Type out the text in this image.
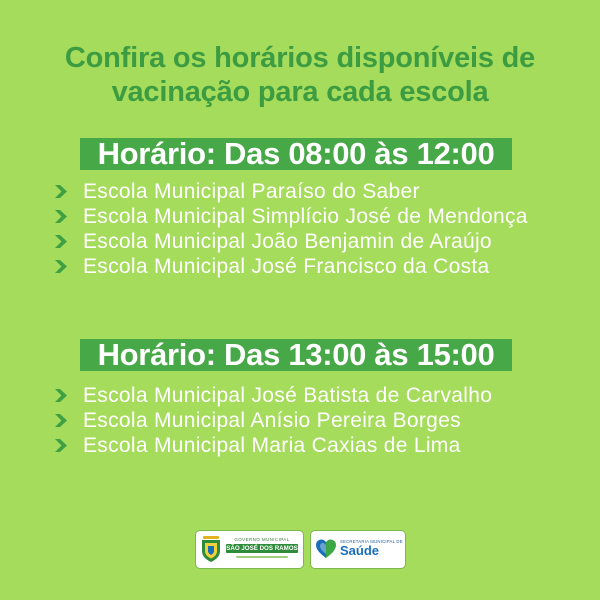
Confira os horários disponíveis de
vacinação para cada escola
Horário: Das 08:00 às 12:00
Escola Municipal Paraíso do Saber
Escola Municipal Simplício José de Mendonça
Escola Municipal João Benjamin de Araújo
Escola Municipal José Francisco da Costa
Horário: Das 13:00 às 15:00
Escola Municipal José Batista de Carvalho
Escola Municipal Anísio Pereira Borges
Escola Municipal Maria Caxias de Lima
GOVERNO MUNICIPAL
SÃO JOSÉ DOS RAMOS
SECRETARIA MUNICIPAL DE
Saúde
